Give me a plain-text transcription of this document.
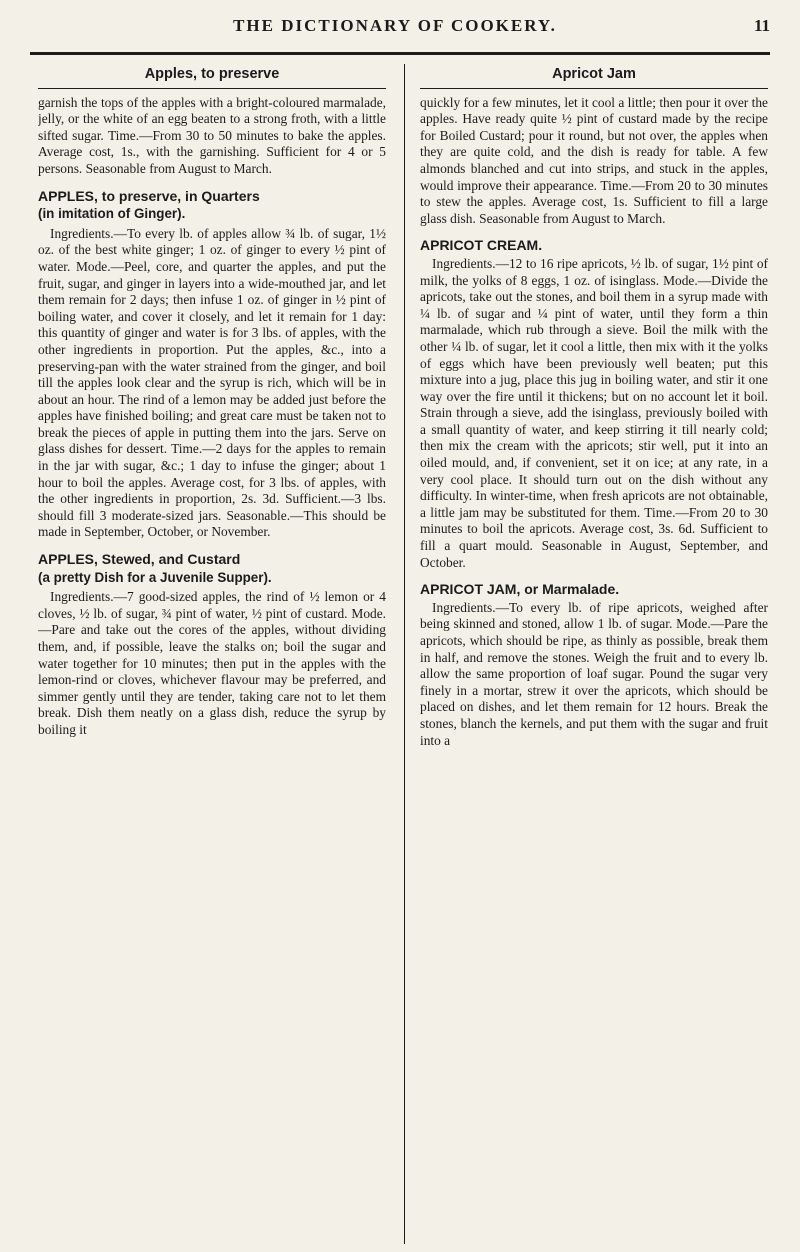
THE DICTIONARY OF COOKERY.	11
Apples, to preserve

garnish the tops of the apples with a bright-coloured marmalade, jelly, or the white of an egg beaten to a strong froth, with a little sifted sugar. Time.—From 30 to 50 minutes to bake the apples. Average cost, 1s., with the garnishing. Sufficient for 4 or 5 persons. Seasonable from August to March.

APPLES, to preserve, in Quarters
(in imitation of Ginger).

Ingredients.—To every lb. of apples allow ¾ lb. of sugar, 1½ oz. of the best white ginger; 1 oz. of ginger to every ½ pint of water. Mode.—Peel, core, and quarter the apples, and put the fruit, sugar, and ginger in layers into a wide-mouthed jar, and let them remain for 2 days; then infuse 1 oz. of ginger in ½ pint of boiling water, and cover it closely, and let it remain for 1 day: this quantity of ginger and water is for 3 lbs. of apples, with the other ingredients in proportion. Put the apples, &c., into a preserving-pan with the water strained from the ginger, and boil till the apples look clear and the syrup is rich, which will be in about an hour. The rind of a lemon may be added just before the apples have finished boiling; and great care must be taken not to break the pieces of apple in putting them into the jars. Serve on glass dishes for dessert. Time.—2 days for the apples to remain in the jar with sugar, &c.; 1 day to infuse the ginger; about 1 hour to boil the apples. Average cost, for 3 lbs. of apples, with the other ingredients in proportion, 2s. 3d. Sufficient.—3 lbs. should fill 3 moderate-sized jars. Seasonable.—This should be made in September, October, or November.

APPLES, Stewed, and Custard
(a pretty Dish for a Juvenile Supper).

Ingredients.—7 good-sized apples, the rind of ½ lemon or 4 cloves, ½ lb. of sugar, ¾ pint of water, ½ pint of custard. Mode.—Pare and take out the cores of the apples, without dividing them, and, if possible, leave the stalks on; boil the sugar and water together for 10 minutes; then put in the apples with the lemon-rind or cloves, whichever flavour may be preferred, and simmer gently until they are tender, taking care not to let them break. Dish them neatly on a glass dish, reduce the syrup by boiling it

Apricot Jam

quickly for a few minutes, let it cool a little; then pour it over the apples. Have ready quite ½ pint of custard made by the recipe for Boiled Custard; pour it round, but not over, the apples when they are quite cold, and the dish is ready for table. A few almonds blanched and cut into strips, and stuck in the apples, would improve their appearance. Time.—From 20 to 30 minutes to stew the apples. Average cost, 1s. Sufficient to fill a large glass dish. Seasonable from August to March.

APRICOT CREAM.

Ingredients.—12 to 16 ripe apricots, ½ lb. of sugar, 1½ pint of milk, the yolks of 8 eggs, 1 oz. of isinglass. Mode.—Divide the apricots, take out the stones, and boil them in a syrup made with ¼ lb. of sugar and ¼ pint of water, until they form a thin marmalade, which rub through a sieve. Boil the milk with the other ¼ lb. of sugar, let it cool a little, then mix with it the yolks of eggs which have been previously well beaten; put this mixture into a jug, place this jug in boiling water, and stir it one way over the fire until it thickens; but on no account let it boil. Strain through a sieve, add the isinglass, previously boiled with a small quantity of water, and keep stirring it till nearly cold; then mix the cream with the apricots; stir well, put it into an oiled mould, and, if convenient, set it on ice; at any rate, in a very cool place. It should turn out on the dish without any difficulty. In winter-time, when fresh apricots are not obtainable, a little jam may be substituted for them. Time.—From 20 to 30 minutes to boil the apricots. Average cost, 3s. 6d. Sufficient to fill a quart mould. Seasonable in August, September, and October.

APRICOT JAM, or Marmalade.

Ingredients.—To every lb. of ripe apricots, weighed after being skinned and stoned, allow 1 lb. of sugar. Mode.—Pare the apricots, which should be ripe, as thinly as possible, break them in half, and remove the stones. Weigh the fruit and to every lb. allow the same proportion of loaf sugar. Pound the sugar very finely in a mortar, strew it over the apricots, which should be placed on dishes, and let them remain for 12 hours. Break the stones, blanch the kernels, and put them with the sugar and fruit into a
